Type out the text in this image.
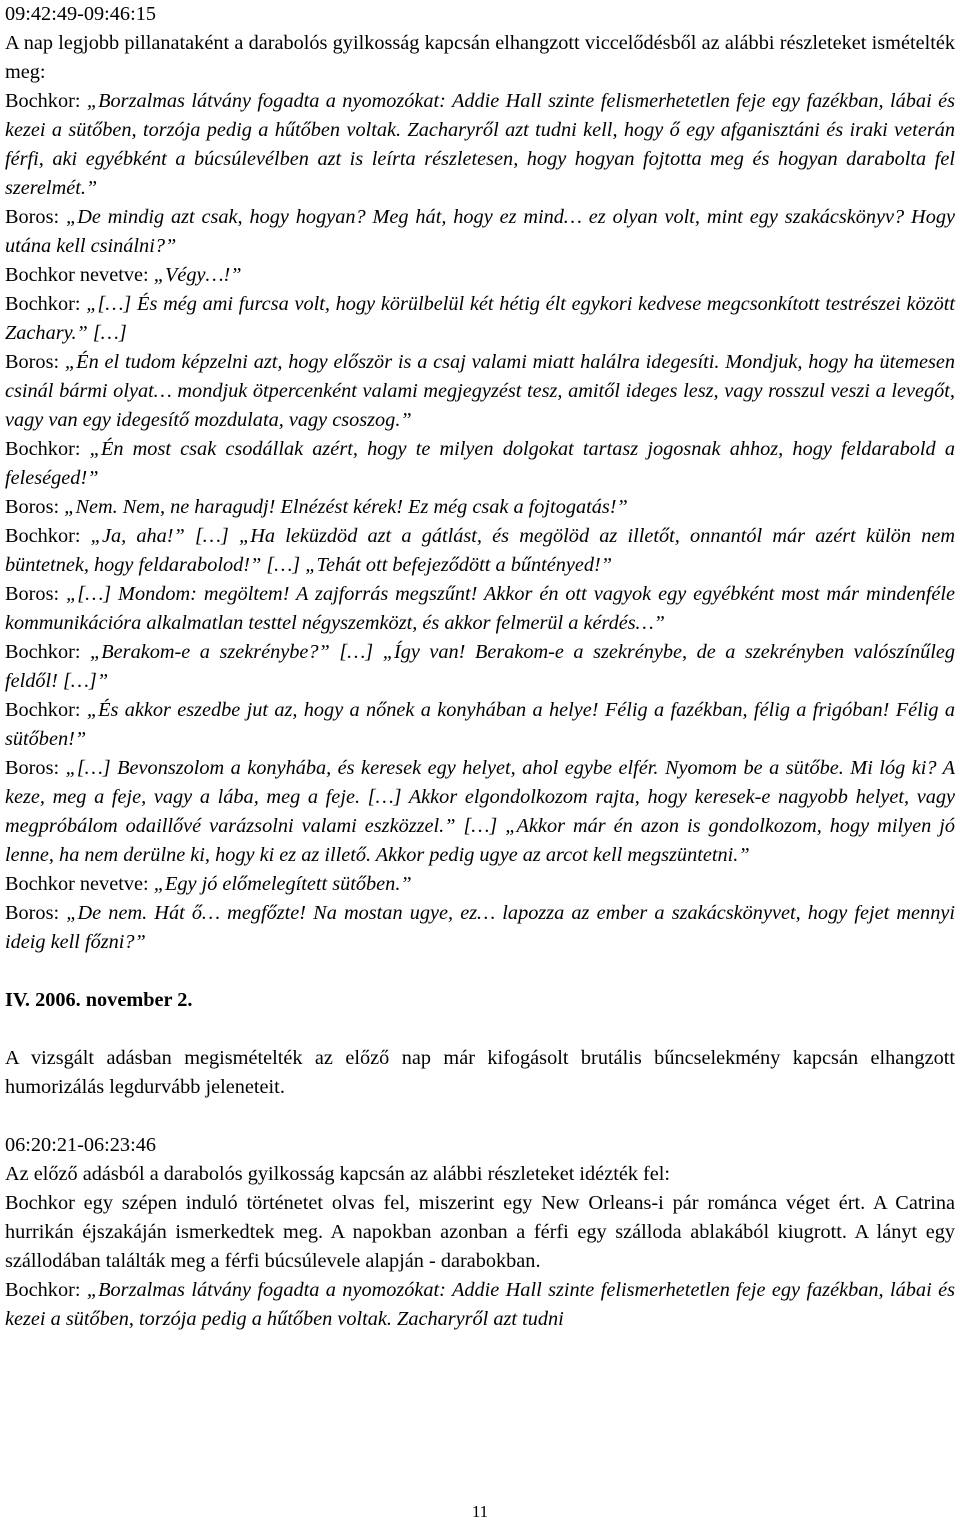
09:42:49-09:46:15

A nap legjobb pillanataként a darabolós gyilkosság kapcsán elhangzott viccelődésből az alábbi részleteket ismételték meg:

Bochkor: „Borzalmas látvány fogadta a nyomozókat: Addie Hall szinte felismerhetetlen feje egy fazékban, lábai és kezei a sütőben, torzója pedig a hűtőben voltak. Zacharyről azt tudni kell, hogy ő egy afganisztáni és iraki veterán férfi, aki egyébként a búcsúlevélben azt is leírta részletesen, hogy hogyan fojtotta meg és hogyan darabolta fel szerelmét.”

Boros: „De mindig azt csak, hogy hogyan? Meg hát, hogy ez mind… ez olyan volt, mint egy szakácskönyv? Hogy utána kell csinálni?”

Bochkor nevetve: „Végy…!”

Bochkor: „[…] És még ami furcsa volt, hogy körülbelül két hétig élt egykori kedvese megcsonkított testrészei között Zachary.” […]

Boros: „Én el tudom képzelni azt, hogy először is a csaj valami miatt halálra idegesíti. Mondjuk, hogy ha ütemesen csinál bármi olyat… mondjuk ötpercenként valami megjegyzést tesz, amitől ideges lesz, vagy rosszul veszi a levegőt, vagy van egy idegesítő mozdulata, vagy csoszog.”

Bochkor: „Én most csak csodállak azért, hogy te milyen dolgokat tartasz jogosnak ahhoz, hogy feldarabold a feleséged!”

Boros: „Nem. Nem, ne haragudj! Elnézést kérek! Ez még csak a fojtogatás!”

Bochkor: „Ja, aha!” […] „Ha leküzdöd azt a gátlást, és megölöd az illetőt, onnantól már azért külön nem büntetnek, hogy feldarabolod!” […] „Tehát ott befejeződött a bűntényed!”

Boros: „[…] Mondom: megöltem! A zajforrás megszűnt! Akkor én ott vagyok egy egyébként most már mindenféle kommunikációra alkalmatlan testtel négyszemközt, és akkor felmerül a kérdés…”

Bochkor: „Berakom-e a szekrénybe?” […] „Így van! Berakom-e a szekrénybe, de a szekrényben valószínűleg feldől! […]”

Bochkor: „És akkor eszedbe jut az, hogy a nőnek a konyhában a helye! Félig a fazékban, félig a frigóban! Félig a sütőben!”

Boros: „[…] Bevonszolom a konyhába, és keresek egy helyet, ahol egybe elfér. Nyomom be a sütőbe. Mi lóg ki? A keze, meg a feje, vagy a lába, meg a feje. […] Akkor elgondolkozom rajta, hogy keresek-e nagyobb helyet, vagy megpróbálom odaillővé varázsolni valami eszközzel.” […] „Akkor már én azon is gondolkozom, hogy milyen jó lenne, ha nem derülne ki, hogy ki ez az illető. Akkor pedig ugye az arcot kell megszüntetni.”

Bochkor nevetve: „Egy jó előmelegített sütőben.”

Boros: „De nem. Hát ő… megfőzte! Na mostan ugye, ez… lapozza az ember a szakácskönyvet, hogy fejet mennyi ideig kell főzni?”

IV. 2006. november 2.

A vizsgált adásban megismételték az előző nap már kifogásolt brutális bűncselekmény kapcsán elhangzott humorizálás legdurvább jeleneteit.

06:20:21-06:23:46

Az előző adásból a darabolós gyilkosság kapcsán az alábbi részleteket idézték fel:

Bochkor egy szépen induló történetet olvas fel, miszerint egy New Orleans-i pár románca véget ért. A Catrina hurrikán éjszakáján ismerkedtek meg. A napokban azonban a férfi egy szálloda ablakából kiugrott. A lányt egy szállodában találták meg a férfi búcsúlevele alapján - darabokban.

Bochkor: „Borzalmas látvány fogadta a nyomozókat: Addie Hall szinte felismerhetetlen feje egy fazékban, lábai és kezei a sütőben, torzója pedig a hűtőben voltak. Zacharyről azt tudni

11
